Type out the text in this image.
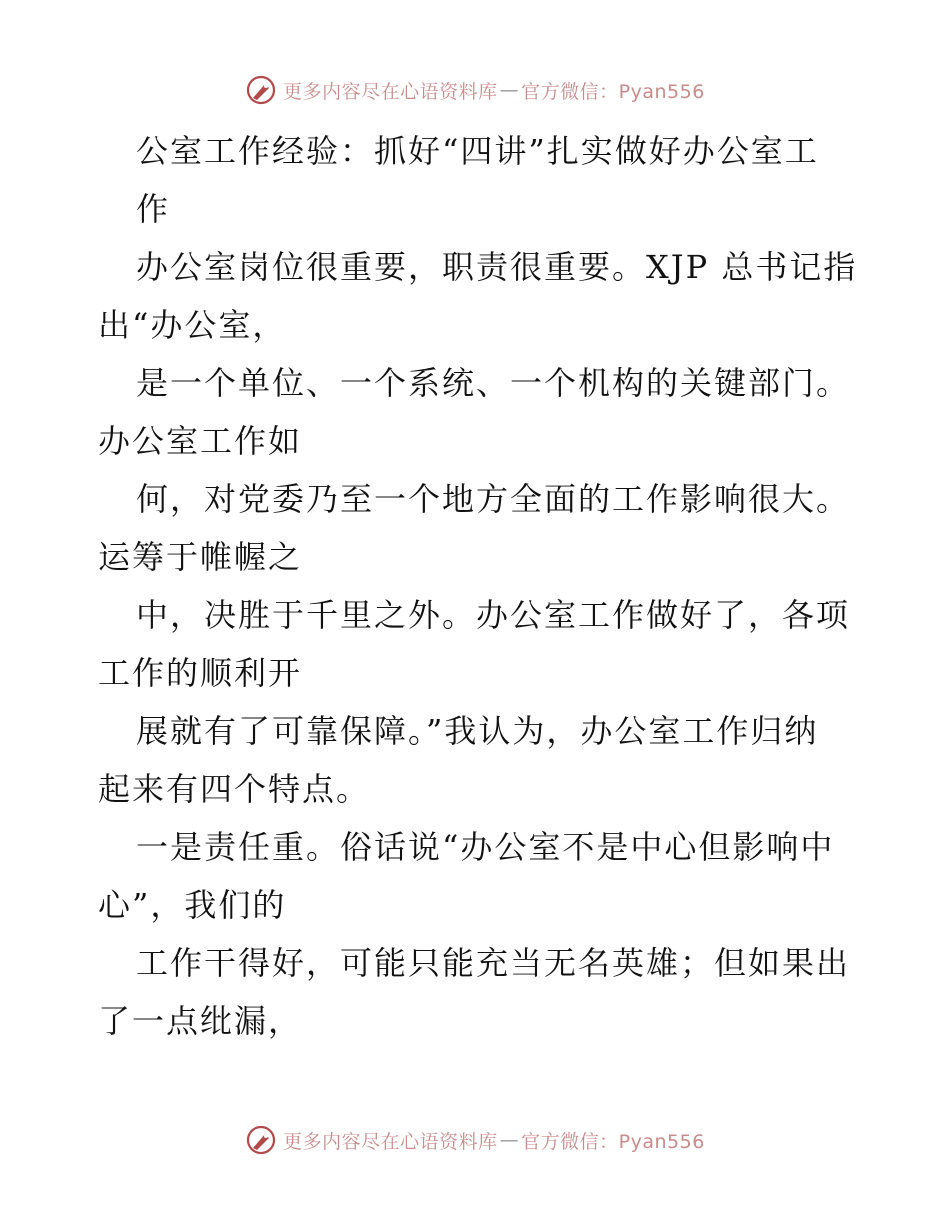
更多内容尽在心语资料库 — 官方微信：Pyan556
公室工作经验：抓好“四讲”扎实做好办公室工
作
办公室岗位很重要，职责很重要。XJP 总书记指
出“办公室，
是一个单位、一个系统、一个机构的关键部门。
办公室工作如
何，对党委乃至一个地方全面的工作影响很大。
运筹于帷幄之
中，决胜于千里之外。办公室工作做好了，各项
工作的顺利开
展就有了可靠保障。”我认为，办公室工作归纳
起来有四个特点。
一是责任重。俗话说“办公室不是中心但影响中
心”，我们的
工作干得好，可能只能充当无名英雄；但如果出
了一点纰漏，
更多内容尽在心语资料库 — 官方微信：Pyan556
